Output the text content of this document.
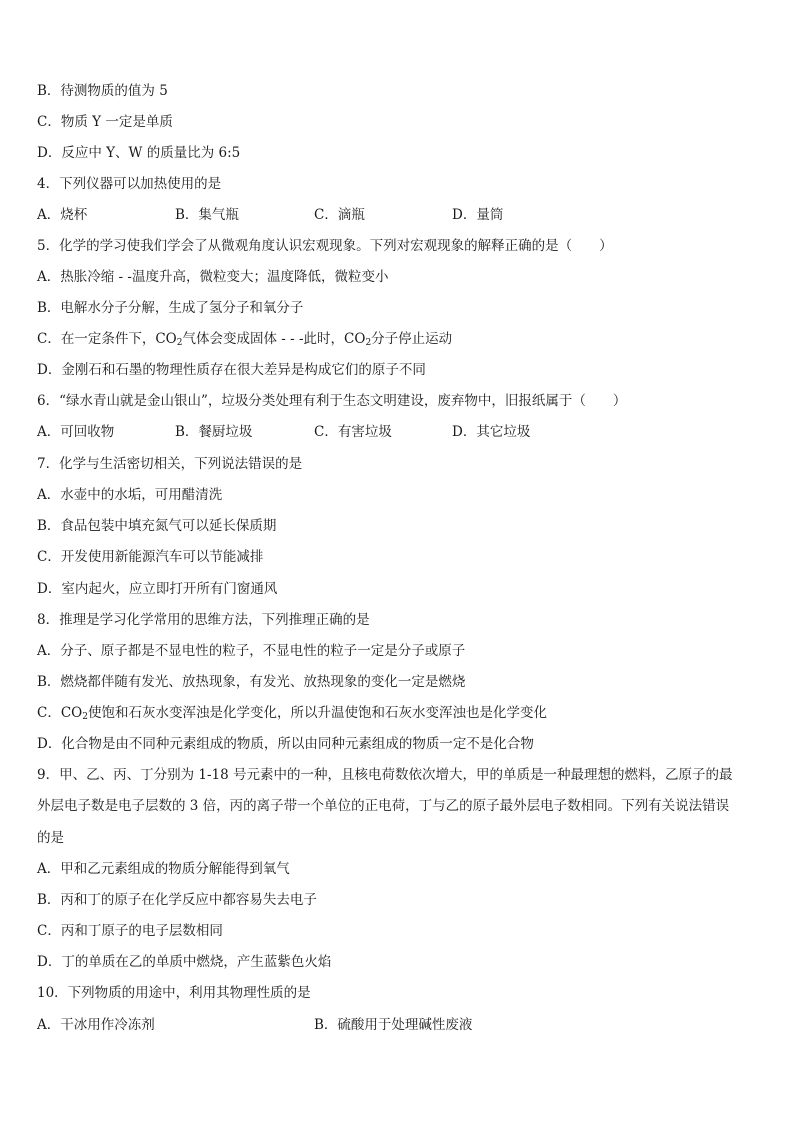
B．待测物质的值为 5
C．物质 Y 一定是单质
D．反应中 Y、W 的质量比为 6:5
4．下列仪器可以加热使用的是
A．烧杯	B．集气瓶	C．滴瓶	D．量筒
5．化学的学习使我们学会了从微观角度认识宏观现象。下列对宏观现象的解释正确的是（　　）
A．热胀冷缩 - -温度升高，微粒变大；温度降低，微粒变小
B．电解水分子分解，生成了氢分子和氧分子
C．在一定条件下，$CO_2$气体会变成固体 - - -此时，$CO_2$分子停止运动
D．金刚石和石墨的物理性质存在很大差异是构成它们的原子不同
6．“绿水青山就是金山银山”，垃圾分类处理有利于生态文明建设，废弃物中，旧报纸属于（　　）
A．可回收物	B．餐厨垃圾	C．有害垃圾	D．其它垃圾
7．化学与生活密切相关，下列说法错误的是
A．水壶中的水垢，可用醋清洗
B．食品包装中填充氮气可以延长保质期
C．开发使用新能源汽车可以节能减排
D．室内起火，应立即打开所有门窗通风
8．推理是学习化学常用的思维方法，下列推理正确的是
A．分子、原子都是不显电性的粒子，不显电性的粒子一定是分子或原子
B．燃烧都伴随有发光、放热现象，有发光、放热现象的变化一定是燃烧
C．$CO_2$使饱和石灰水变浑浊是化学变化，所以升温使饱和石灰水变浑浊也是化学变化
D．化合物是由不同种元素组成的物质，所以由同种元素组成的物质一定不是化合物
9．甲、乙、丙、丁分别为 1-18 号元素中的一种，且核电荷数依次增大，甲的单质是一种最理想的燃料，乙原子的最
外层电子数是电子层数的 3 倍，丙的离子带一个单位的正电荷，丁与乙的原子最外层电子数相同。下列有关说法错误
的是
A．甲和乙元素组成的物质分解能得到氧气
B．丙和丁的原子在化学反应中都容易失去电子
C．丙和丁原子的电子层数相同
D．丁的单质在乙的单质中燃烧，产生蓝紫色火焰
10．下列物质的用途中，利用其物理性质的是
A．干冰用作冷冻剂	B．硫酸用于处理碱性废液
